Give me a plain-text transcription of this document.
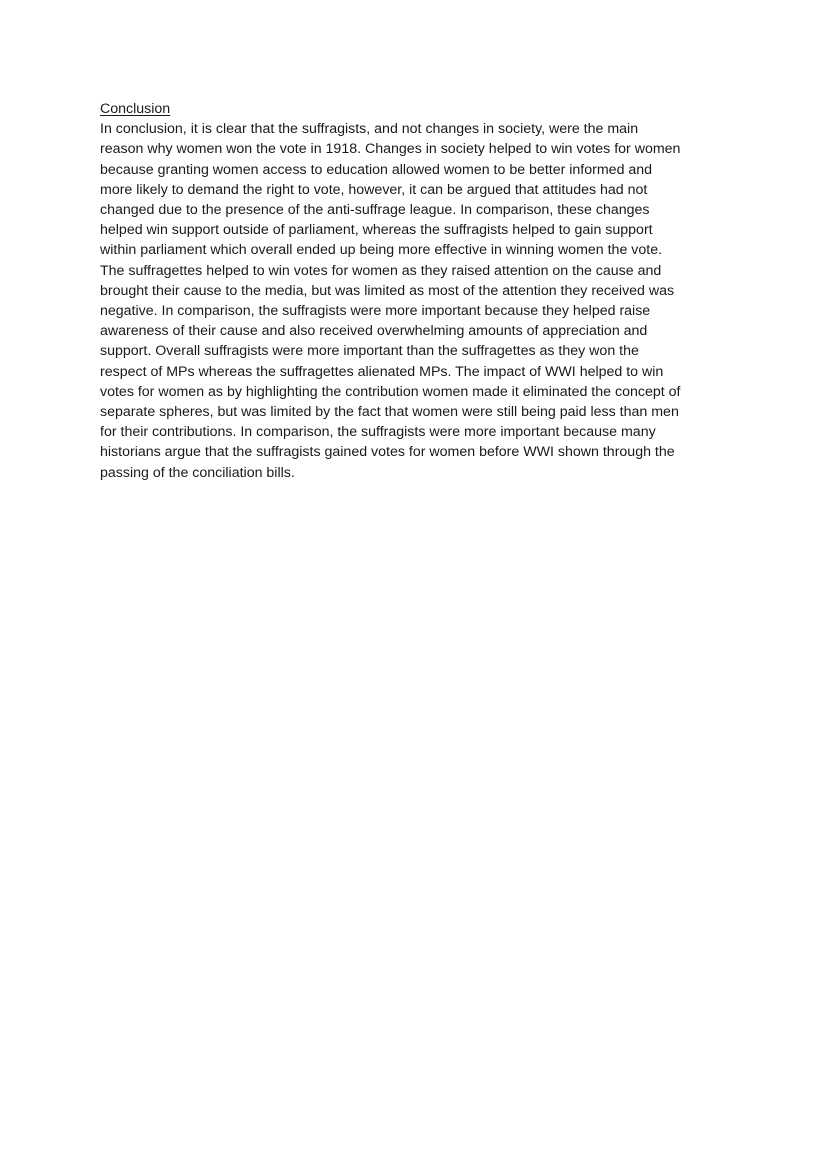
Conclusion
In conclusion, it is clear that the suffragists, and not changes in society, were the main
reason why women won the vote in 1918. Changes in society helped to win votes for women
because granting women access to education allowed women to be better informed and
more likely to demand the right to vote, however, it can be argued that attitudes had not
changed due to the presence of the anti-suffrage league. In comparison, these changes
helped win support outside of parliament, whereas the suffragists helped to gain support
within parliament which overall ended up being more effective in winning women the vote.
The suffragettes helped to win votes for women as they raised attention on the cause and
brought their cause to the media, but was limited as most of the attention they received was
negative. In comparison, the suffragists were more important because they helped raise
awareness of their cause and also received overwhelming amounts of appreciation and
support. Overall suffragists were more important than the suffragettes as they won the
respect of MPs whereas the suffragettes alienated MPs. The impact of WWI helped to win
votes for women as by highlighting the contribution women made it eliminated the concept of
separate spheres, but was limited by the fact that women were still being paid less than men
for their contributions. In comparison, the suffragists were more important because many
historians argue that the suffragists gained votes for women before WWI shown through the
passing of the conciliation bills.
